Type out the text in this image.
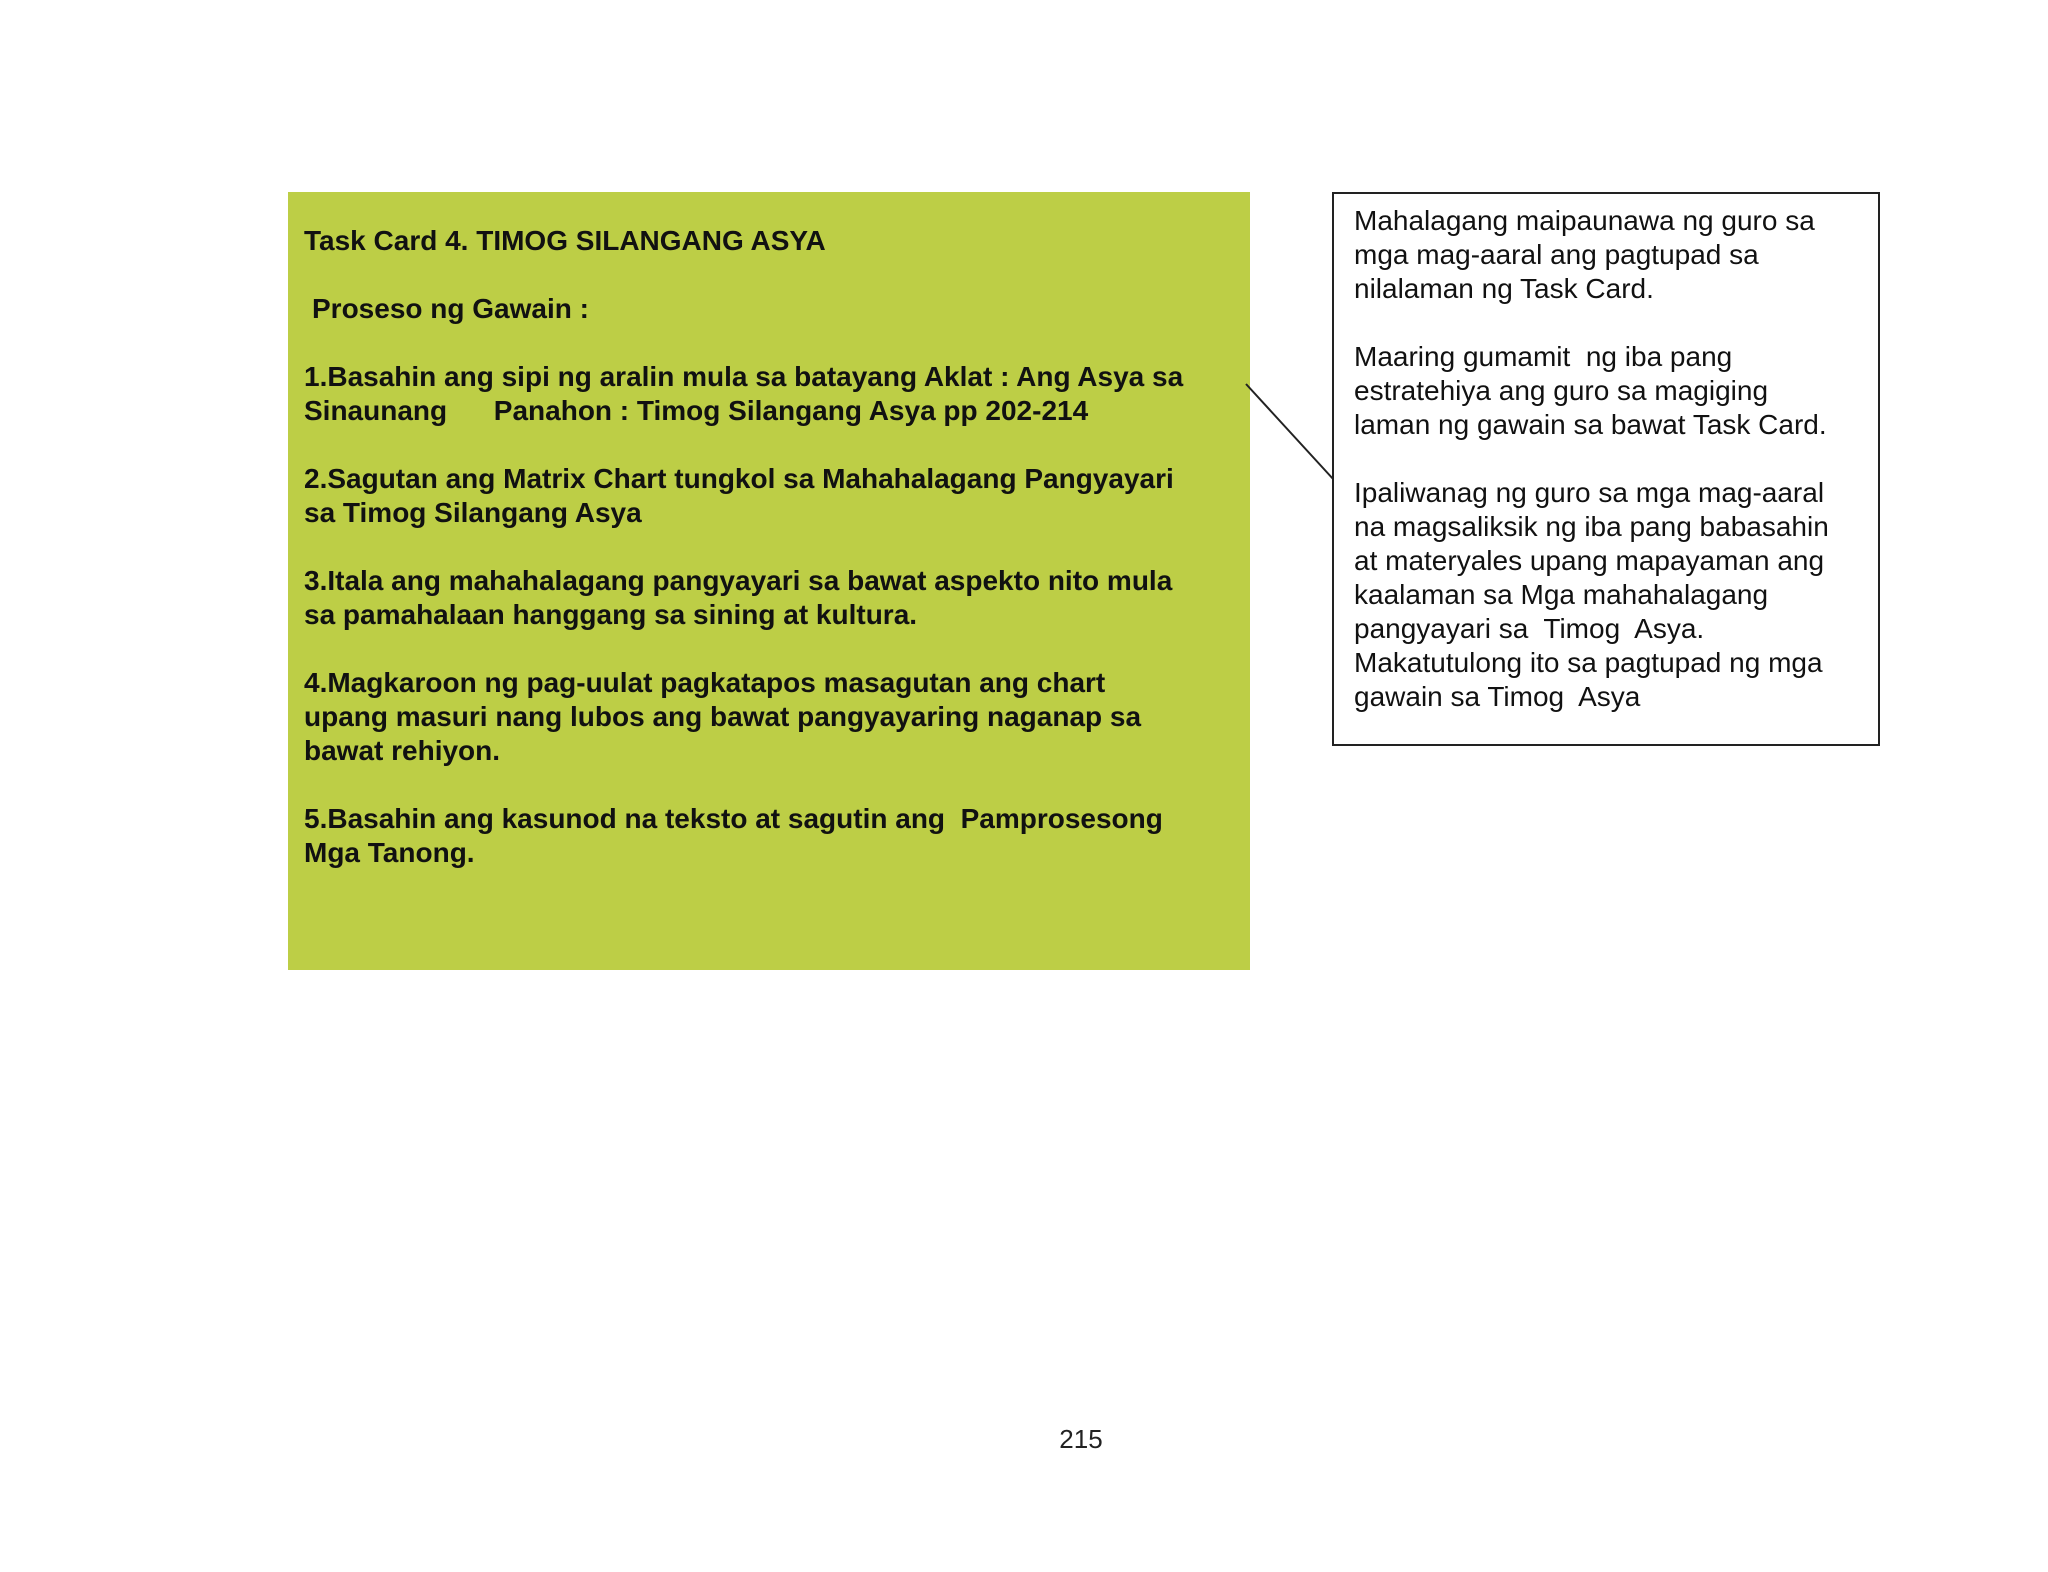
Task Card 4. TIMOG SILANGANG ASYA

Proseso ng Gawain :

1.Basahin ang sipi ng aralin mula sa batayang Aklat : Ang Asya sa

Sinaunang      Panahon : Timog Silangang Asya pp 202-214

2.Sagutan ang Matrix Chart tungkol sa Mahahalagang Pangyayari

sa Timog Silangang Asya

3.Itala ang mahahalagang pangyayari sa bawat aspekto nito mula

sa pamahalaan hanggang sa sining at kultura.

4.Magkaroon ng pag-uulat pagkatapos masagutan ang chart

upang masuri nang lubos ang bawat pangyayaring naganap sa

bawat rehiyon.

5.Basahin ang kasunod na teksto at sagutin ang  Pamprosesong

Mga Tanong.

Mahalagang maipaunawa ng guro sa
mga mag-aaral ang pagtupad sa
nilalaman ng Task Card.
Maaring gumamit  ng iba pang
estratehiya ang guro sa magiging
laman ng gawain sa bawat Task Card.
Ipaliwanag ng guro sa mga mag-aaral
na magsaliksik ng iba pang babasahin
at materyales upang mapayaman ang
kaalaman sa Mga mahahalagang
pangyayari sa  Timog  Asya.
Makatutulong ito sa pagtupad ng mga
gawain sa Timog  Asya
215
